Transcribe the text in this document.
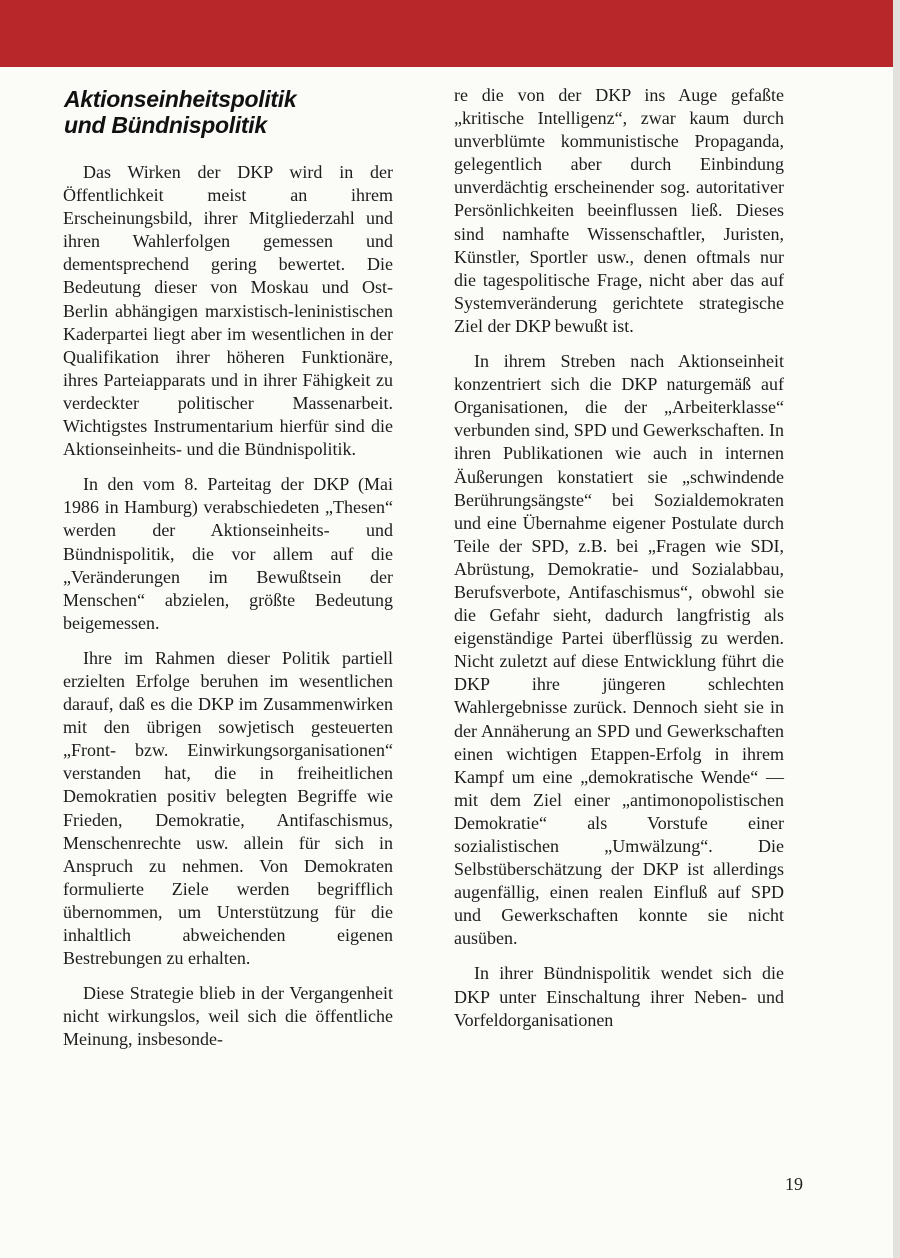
Aktionseinheitspolitik
und Bündnispolitik

Das Wirken der DKP wird in der Öffentlichkeit meist an ihrem Erscheinungsbild, ihrer Mitgliederzahl und ihren Wahlerfolgen gemessen und dementsprechend gering bewertet. Die Bedeutung dieser von Moskau und Ost-Berlin abhängigen marxistisch-leninistischen Kaderpartei liegt aber im wesentlichen in der Qualifikation ihrer höheren Funktionäre, ihres Parteiapparats und in ihrer Fähigkeit zu verdeckter politischer Massenarbeit. Wichtigstes Instrumentarium hierfür sind die Aktionseinheits- und die Bündnispolitik.

In den vom 8. Parteitag der DKP (Mai 1986 in Hamburg) verabschiedeten „Thesen“ werden der Aktionseinheits- und Bündnispolitik, die vor allem auf die „Veränderungen im Bewußtsein der Menschen“ abzielen, größte Bedeutung beigemessen.

Ihre im Rahmen dieser Politik partiell erzielten Erfolge beruhen im wesentlichen darauf, daß es die DKP im Zusammenwirken mit den übrigen sowjetisch gesteuerten „Front- bzw. Einwirkungsorganisationen“ verstanden hat, die in freiheitlichen Demokratien positiv belegten Begriffe wie Frieden, Demokratie, Antifaschismus, Menschenrechte usw. allein für sich in Anspruch zu nehmen. Von Demokraten formulierte Ziele werden begrifflich übernommen, um Unterstützung für die inhaltlich abweichenden eigenen Bestrebungen zu erhalten.

Diese Strategie blieb in der Vergangenheit nicht wirkungslos, weil sich die öffentliche Meinung, insbesonde-

re die von der DKP ins Auge gefaßte „kritische Intelligenz“, zwar kaum durch unverblümte kommunistische Propaganda, gelegentlich aber durch Einbindung unverdächtig erscheinender sog. autoritativer Persönlichkeiten beeinflussen ließ. Dieses sind namhafte Wissenschaftler, Juristen, Künstler, Sportler usw., denen oftmals nur die tagespolitische Frage, nicht aber das auf Systemveränderung gerichtete strategische Ziel der DKP bewußt ist.

In ihrem Streben nach Aktionseinheit konzentriert sich die DKP naturgemäß auf Organisationen, die der „Arbeiterklasse“ verbunden sind, SPD und Gewerkschaften. In ihren Publikationen wie auch in internen Äußerungen konstatiert sie „schwindende Berührungsängste“ bei Sozialdemokraten und eine Übernahme eigener Postulate durch Teile der SPD, z.B. bei „Fragen wie SDI, Abrüstung, Demokratie- und Sozialabbau, Berufsverbote, Antifaschismus“, obwohl sie die Gefahr sieht, dadurch langfristig als eigenständige Partei überflüssig zu werden. Nicht zuletzt auf diese Entwicklung führt die DKP ihre jüngeren schlechten Wahlergebnisse zurück. Dennoch sieht sie in der Annäherung an SPD und Gewerkschaften einen wichtigen Etappen-Erfolg in ihrem Kampf um eine „demokratische Wende“ — mit dem Ziel einer „antimonopolistischen Demokratie“ als Vorstufe einer sozialistischen „Umwälzung“. Die Selbstüberschätzung der DKP ist allerdings augenfällig, einen realen Einfluß auf SPD und Gewerkschaften konnte sie nicht ausüben.

In ihrer Bündnispolitik wendet sich die DKP unter Einschaltung ihrer Neben- und Vorfeldorganisationen

19
